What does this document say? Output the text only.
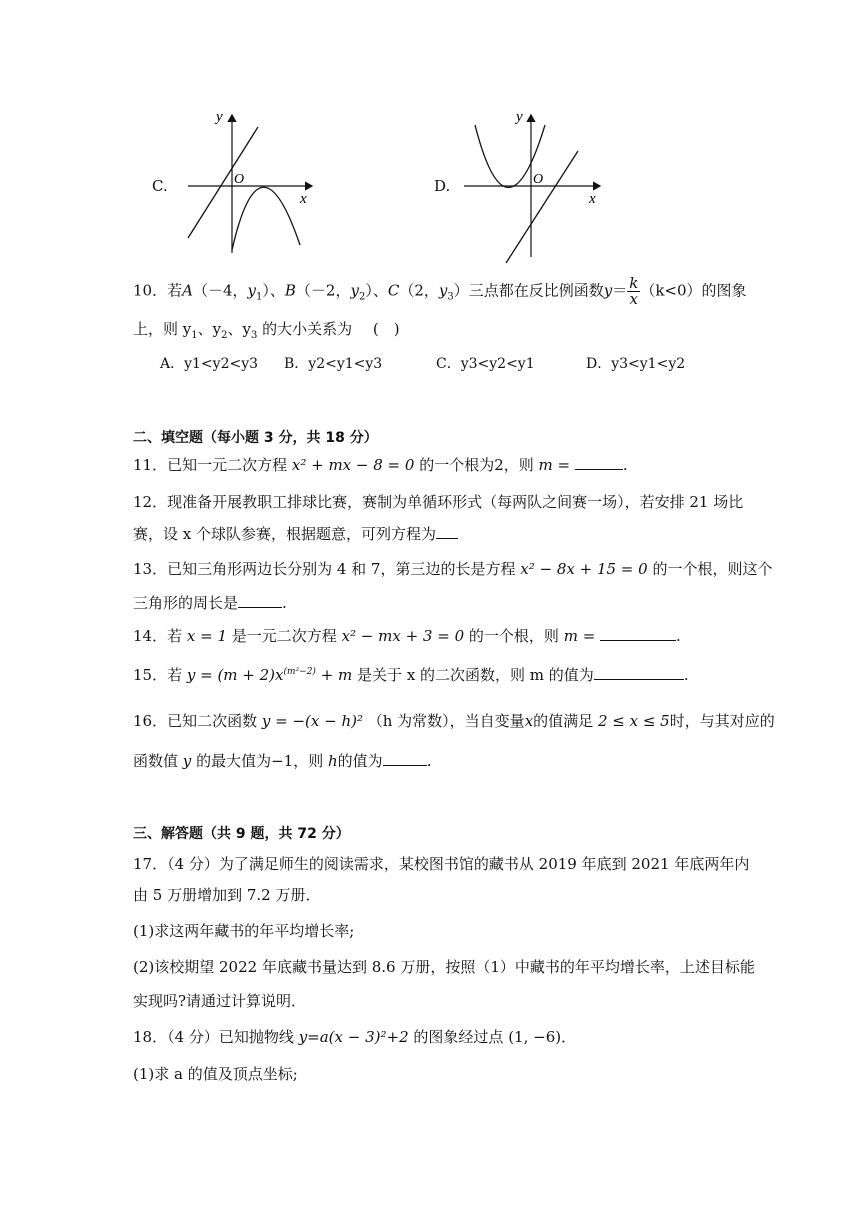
C.
y
x
O	D.
y
x
O
10．若A（－4，$y_1$）、B（－2，$y_2$）、C（2，$y_3$）三点都在反比例函数$y= \frac{k}{x} (k<0)$的图象
上，则 $y_1$、$y_2$、$y_3$ 的大小关系为 (　)
A．y1<y2<y3 B．y2<y1<y3	C．y3<y2<y1	D．y3<y1<y2
二、填空题（每小题 3 分，共 18 分）
11．已知一元二次方程 x² + mx − 8 = 0 的一个根为2，则 m =	.
12．现准备开展教职工排球比赛，赛制为单循环形式（每两队之间赛一场），若安排 21 场比
赛，设 x 个球队参赛，根据题意，可列方程为
13．已知三角形两边长分别为 4 和 7，第三边的长是方程 x² − 8x + 15 = 0 的一个根，则这个
三角形的周长是	.
14．若 x = 1 是一元二次方程 x² − mx + 3 = 0 的一个根，则 m =	.
15．若 $y = (m + 2)x^{(m^2-2)} + m$ 是关于 x 的二次函数，则 m 的值为	.
16．已知二次函数 y = −(x − h)² （h 为常数），当自变量x的值满足 2 ≤ x ≤ 5时，与其对应的
函数值 y 的最大值为−1，则 h的值为	.
三、解答题（共 9 题，共 72 分）
17．（4 分）为了满足师生的阅读需求，某校图书馆的藏书从 2019 年底到 2021 年底两年内
由 5 万册增加到 7.2 万册．
(1)求这两年藏书的年平均增长率;
(2)该校期望 2022 年底藏书量达到 8.6 万册，按照（1）中藏书的年平均增长率，上述目标能
实现吗?请通过计算说明．
18．（4 分）已知抛物线 y=a(x − 3)²+2 的图象经过点 (1, −6)．
(1)求 a 的值及顶点坐标;
